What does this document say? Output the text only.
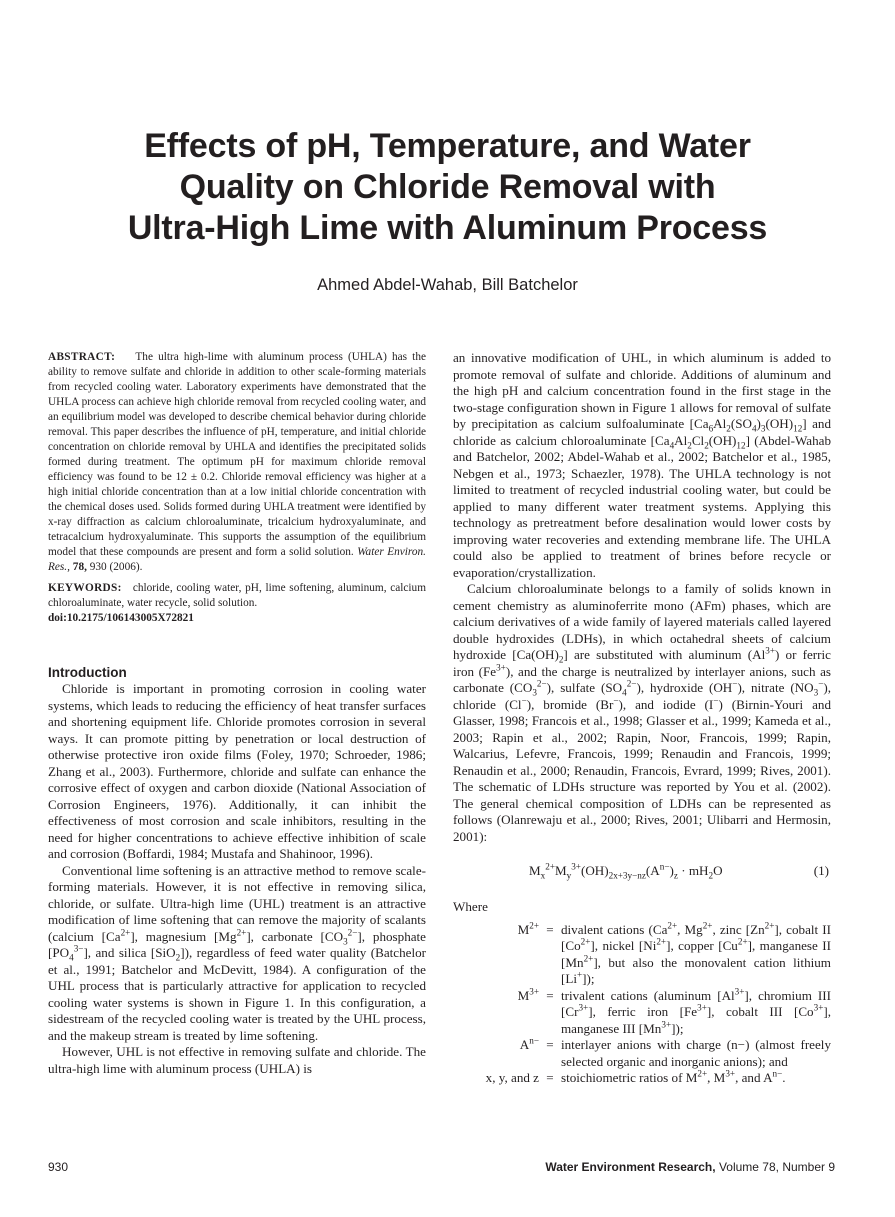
Effects of pH, Temperature, and Water
Quality on Chloride Removal with
Ultra-High Lime with Aluminum Process
Ahmed Abdel-Wahab, Bill Batchelor

ABSTRACT: The ultra high-lime with aluminum process (UHLA) has the ability to remove sulfate and chloride in addition to other scale-forming materials from recycled cooling water. Laboratory experiments have demonstrated that the UHLA process can achieve high chloride removal from recycled cooling water, and an equilibrium model was developed to describe chemical behavior during chloride removal. This paper describes the influence of pH, temperature, and initial chloride concentration on chloride removal by UHLA and identifies the precipitated solids formed during treatment. The optimum pH for maximum chloride removal efficiency was found to be 12 ± 0.2. Chloride removal efficiency was higher at a high initial chloride concentration than at a low initial chloride concentration with the chemical doses used. Solids formed during UHLA treatment were identified by x-ray diffraction as calcium chloroaluminate, tricalcium hydroxyaluminate, and tetracalcium hydroxyaluminate. This supports the assumption of the equilibrium model that these compounds are present and form a solid solution. Water Environ. Res., 78, 930 (2006).

KEYWORDS: chloride, cooling water, pH, lime softening, aluminum, calcium chloroaluminate, water recycle, solid solution.

doi:10.2175/106143005X72821

Introduction

Chloride is important in promoting corrosion in cooling water systems, which leads to reducing the efficiency of heat transfer surfaces and shortening equipment life. Chloride promotes corrosion in several ways. It can promote pitting by penetration or local destruction of otherwise protective iron oxide films (Foley, 1970; Schroeder, 1986; Zhang et al., 2003). Furthermore, chloride and sulfate can enhance the corrosive effect of oxygen and carbon dioxide (National Association of Corrosion Engineers, 1976). Additionally, it can inhibit the effectiveness of most corrosion and scale inhibitors, resulting in the need for higher concentrations to achieve effective inhibition of scale and corrosion (Boffardi, 1984; Mustafa and Shahinoor, 1996).

Conventional lime softening is an attractive method to remove scale-forming materials. However, it is not effective in removing silica, chloride, or sulfate. Ultra-high lime (UHL) treatment is an attractive modification of lime softening that can remove the majority of scalants (calcium $[Ca^{2+}]$, magnesium $[Mg^{2+}]$, carbonate $[CO_3^{2-}]$, phosphate $[PO_4^{3-}]$, and silica [SiO$_2$]), regardless of feed water quality (Batchelor et al., 1991; Batchelor and McDevitt, 1984). A configuration of the UHL process that is particularly attractive for application to recycled cooling water systems is shown in Figure 1. In this configuration, a sidestream of the recycled cooling water is treated by the UHL process, and the makeup stream is treated by lime softening.

However, UHL is not effective in removing sulfate and chloride. The ultra-high lime with aluminum process (UHLA) is

an innovative modification of UHL, in which aluminum is added to promote removal of sulfate and chloride. Additions of aluminum and the high pH and calcium concentration found in the first stage in the two-stage configuration shown in Figure 1 allows for removal of sulfate by precipitation as calcium sulfoaluminate $[Ca_6Al_2(SO_4)_3(OH)_{12}]$ and chloride as calcium chloroaluminate $[Ca_4Al_2Cl_2(OH)_{12}]$ (Abdel-Wahab and Batchelor, 2002; Abdel-Wahab et al., 2002; Batchelor et al., 1985, Nebgen et al., 1973; Schaezler, 1978). The UHLA technology is not limited to treatment of recycled industrial cooling water, but could be applied to many different water treatment systems. Applying this technology as pretreatment before desalination would lower costs by improving water recoveries and extending membrane life. The UHLA could also be applied to treatment of brines before recycle or evaporation/crystallization.

Calcium chloroaluminate belongs to a family of solids known in cement chemistry as aluminoferrite mono (AFm) phases, which are calcium derivatives of a wide family of layered materials called layered double hydroxides (LDHs), in which octahedral sheets of calcium hydroxide $[Ca(OH)_2]$ are substituted with aluminum $(Al^{3+})$ or ferric iron $(Fe^{3+})$, and the charge is neutralized by interlayer anions, such as carbonate $(CO_3^{2-})$, sulfate $(SO_4^{2-})$, hydroxide (OH−), nitrate $(NO_3^-)$, chloride (Cl−), bromide (Br−), and iodide (I−) (Birnin-Youri and Glasser, 1998; Francois et al., 1998; Glasser et al., 1999; Kameda et al., 2003; Rapin et al., 2002; Rapin, Noor, Francois, 1999; Rapin, Walcarius, Lefevre, Francois, 1999; Renaudin and Francois, 1999; Renaudin et al., 2000; Renaudin, Francois, Evrard, 1999; Rives, 2001). The schematic of LDHs structure was reported by You et al. (2002). The general chemical composition of LDHs can be represented as follows (Olanrewaju et al., 2000; Rives, 2001; Ulibarri and Hermosin, 2001):

$M_x^{2+}M_y^{3+}(OH)_{2x+3y-nz}(A^{n-})_z \cdot mH_2O$	(1)
Where
$M^{2+}$	=	divalent cations ($Ca^{2+}$, $Mg^{2+}$, zinc $[Zn^{2+}]$, cobalt II $[Co^{2+}]$, nickel $[Ni^{2+}]$, copper $[Cu^{2+}]$, manganese II $[Mn^{2+}]$, but also the monovalent cation lithium [Li+]);
$M^{3+}$	=	trivalent cations (aluminum $[Al^{3+}]$, chromium III $[Cr^{3+}]$, ferric iron $[Fe^{3+}]$, cobalt III $[Co^{3+}]$, manganese III $[Mn^{3+}]$);
$A^{n-}$	=	interlayer anions with charge (n−) (almost freely selected organic and inorganic anions); and
x, y, and z	=	stoichiometric ratios of $M^{2+}$, $M^{3+}$, and $A^{n-}$.
930	Water Environment Research, Volume 78, Number 9
